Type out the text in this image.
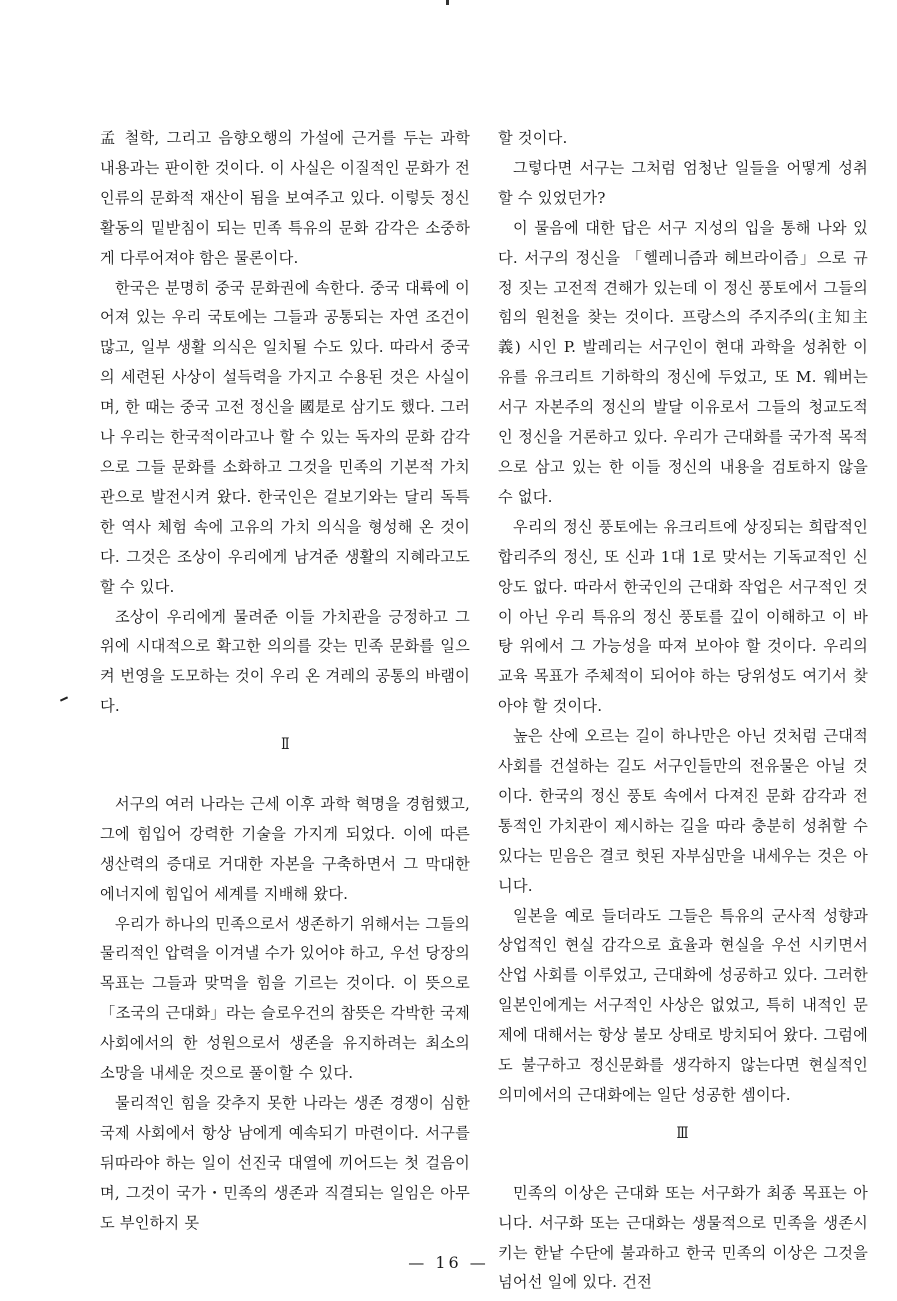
孟 철학, 그리고 음향오행의 가설에 근거를 두는 과학 내용과는 판이한 것이다. 이 사실은 이질적인 문화가 전 인류의 문화적 재산이 됨을 보여주고 있다. 이렇듯 정신 활동의 밑받침이 되는 민족 특유의 문화 감각은 소중하게 다루어져야 함은 물론이다.

한국은 분명히 중국 문화권에 속한다. 중국 대륙에 이어져 있는 우리 국토에는 그들과 공통되는 자연 조건이 많고, 일부 생활 의식은 일치될 수도 있다. 따라서 중국의 세련된 사상이 설득력을 가지고 수용된 것은 사실이며, 한 때는 중국 고전 정신을 國是로 삼기도 했다. 그러나 우리는 한국적이라고나 할 수 있는 독자의 문화 감각으로 그들 문화를 소화하고 그것을 민족의 기본적 가치관으로 발전시켜 왔다. 한국인은 겉보기와는 달리 독특한 역사 체험 속에 고유의 가치 의식을 형성해 온 것이다. 그것은 조상이 우리에게 남겨준 생활의 지혜라고도 할 수 있다.

조상이 우리에게 물려준 이들 가치관을 긍정하고 그 위에 시대적으로 확고한 의의를 갖는 민족 문화를 일으켜 번영을 도모하는 것이 우리 온 겨레의 공통의 바램이다.

Ⅱ

서구의 여러 나라는 근세 이후 과학 혁명을 경험했고, 그에 힘입어 강력한 기술을 가지게 되었다. 이에 따른 생산력의 증대로 거대한 자본을 구축하면서 그 막대한 에너지에 힘입어 세계를 지배해 왔다.

우리가 하나의 민족으로서 생존하기 위해서는 그들의 물리적인 압력을 이겨낼 수가 있어야 하고, 우선 당장의 목표는 그들과 맞먹을 힘을 기르는 것이다. 이 뜻으로 「조국의 근대화」라는 슬로우건의 참뜻은 각박한 국제 사회에서의 한 성원으로서 생존을 유지하려는 최소의 소망을 내세운 것으로 풀이할 수 있다.

물리적인 힘을 갖추지 못한 나라는 생존 경쟁이 심한 국제 사회에서 항상 남에게 예속되기 마련이다. 서구를 뒤따라야 하는 일이 선진국 대열에 끼어드는 첫 걸음이며, 그것이 국가・민족의 생존과 직결되는 일임은 아무도 부인하지 못

할 것이다.

그렇다면 서구는 그처럼 엄청난 일들을 어떻게 성취할 수 있었던가?

이 물음에 대한 답은 서구 지성의 입을 통해 나와 있다. 서구의 정신을 「헬레니즘과 헤브라이즘」으로 규정 짓는 고전적 견해가 있는데 이 정신 풍토에서 그들의 힘의 원천을 찾는 것이다. 프랑스의 주지주의(主知主義) 시인 P. 발레리는 서구인이 현대 과학을 성취한 이유를 유크리트 기하학의 정신에 두었고, 또 M. 웨버는 서구 자본주의 정신의 발달 이유로서 그들의 청교도적인 정신을 거론하고 있다. 우리가 근대화를 국가적 목적으로 삼고 있는 한 이들 정신의 내용을 검토하지 않을 수 없다.

우리의 정신 풍토에는 유크리트에 상징되는 희랍적인 합리주의 정신, 또 신과 1대 1로 맞서는 기독교적인 신앙도 없다. 따라서 한국인의 근대화 작업은 서구적인 것이 아닌 우리 특유의 정신 풍토를 깊이 이해하고 이 바탕 위에서 그 가능성을 따져 보아야 할 것이다. 우리의 교육 목표가 주체적이 되어야 하는 당위성도 여기서 찾아야 할 것이다.

높은 산에 오르는 길이 하나만은 아닌 것처럼 근대적 사회를 건설하는 길도 서구인들만의 전유물은 아닐 것이다. 한국의 정신 풍토 속에서 다져진 문화 감각과 전통적인 가치관이 제시하는 길을 따라 충분히 성취할 수 있다는 믿음은 결코 헛된 자부심만을 내세우는 것은 아니다.

일본을 예로 들더라도 그들은 특유의 군사적 성향과 상업적인 현실 감각으로 효율과 현실을 우선 시키면서 산업 사회를 이루었고, 근대화에 성공하고 있다. 그러한 일본인에게는 서구적인 사상은 없었고, 특히 내적인 문제에 대해서는 항상 불모 상태로 방치되어 왔다. 그럼에도 불구하고 정신문화를 생각하지 않는다면 현실적인 의미에서의 근대화에는 일단 성공한 셈이다.

Ⅲ

민족의 이상은 근대화 또는 서구화가 최종 목표는 아니다. 서구화 또는 근대화는 생물적으로 민족을 생존시키는 한낱 수단에 불과하고 한국 민족의 이상은 그것을 넘어선 일에 있다. 건전

— 16 —
